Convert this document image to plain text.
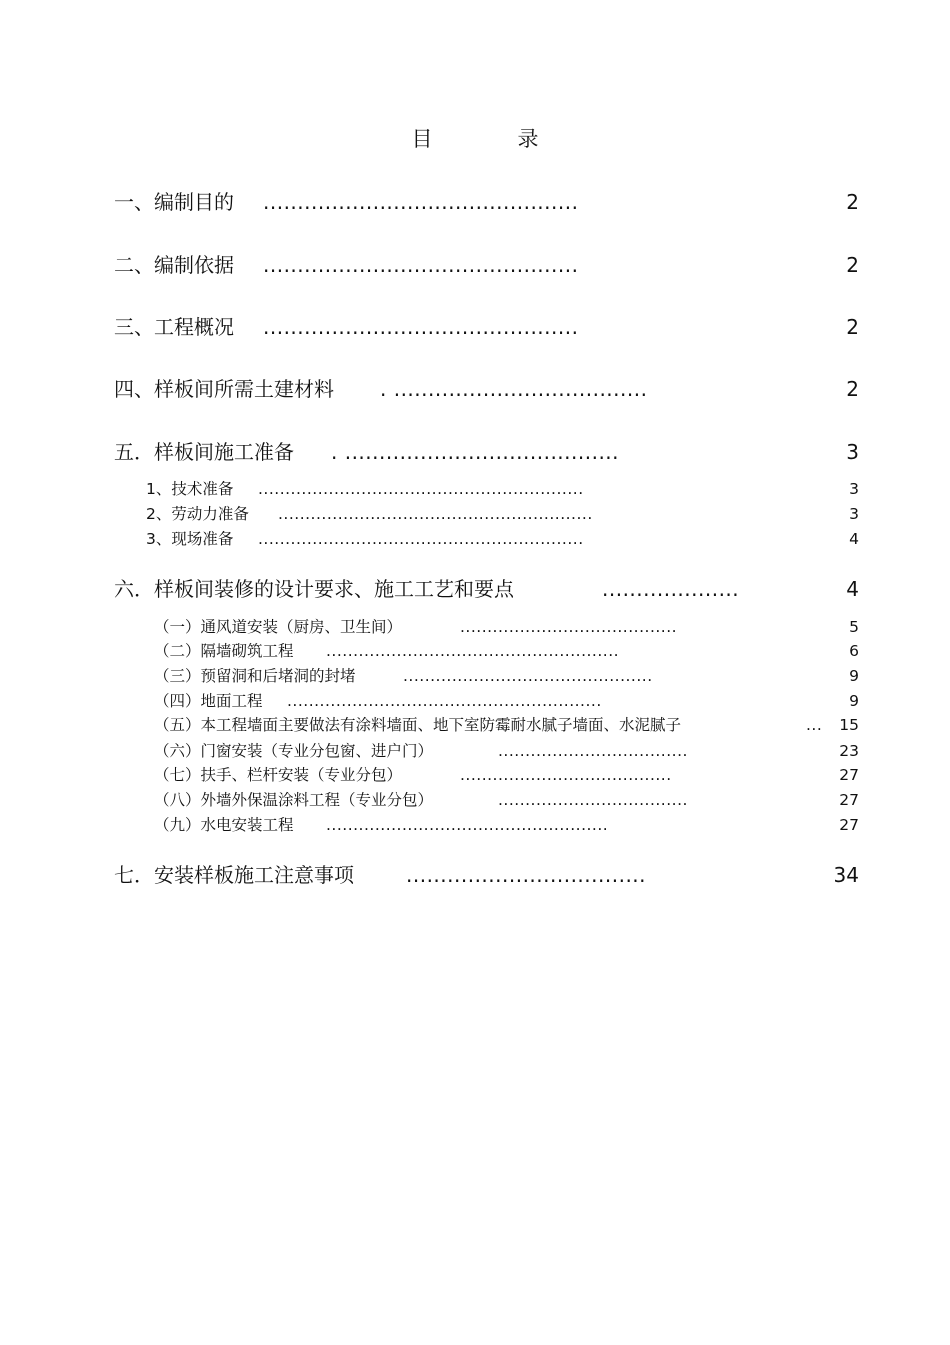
目　录
一、编制目的 ..............................................	2
二、编制依据 ..............................................	2
三、工程概况 ..............................................	2
四、样板间所需土建材料 . .....................................	2
五．样板间施工准备 . ........................................	3
1、技术准备 ............................................................	3
2、劳动力准备 ..........................................................	3
3、现场准备 ............................................................	4
六．样板间装修的设计要求、施工工艺和要点	....................	4
（一）通风道安装（厨房、卫生间）	........................................	5
（二）隔墙砌筑工程 ......................................................	6
（三）预留洞和后堵洞的封堵	..............................................	9
（四）地面工程 ..........................................................	9
（五）本工程墙面主要做法有涂料墙面、地下室防霉耐水腻子墙面、水泥腻子	... 15
（六）门窗安装（专业分包窗、进户门）	...................................	23
（七）扶手、栏杆安装（专业分包）	.......................................	27
（八）外墙外保温涂料工程（专业分包）	...................................	27
（九）水电安装工程 ....................................................	27
七．安装样板施工注意事项	...................................	34
